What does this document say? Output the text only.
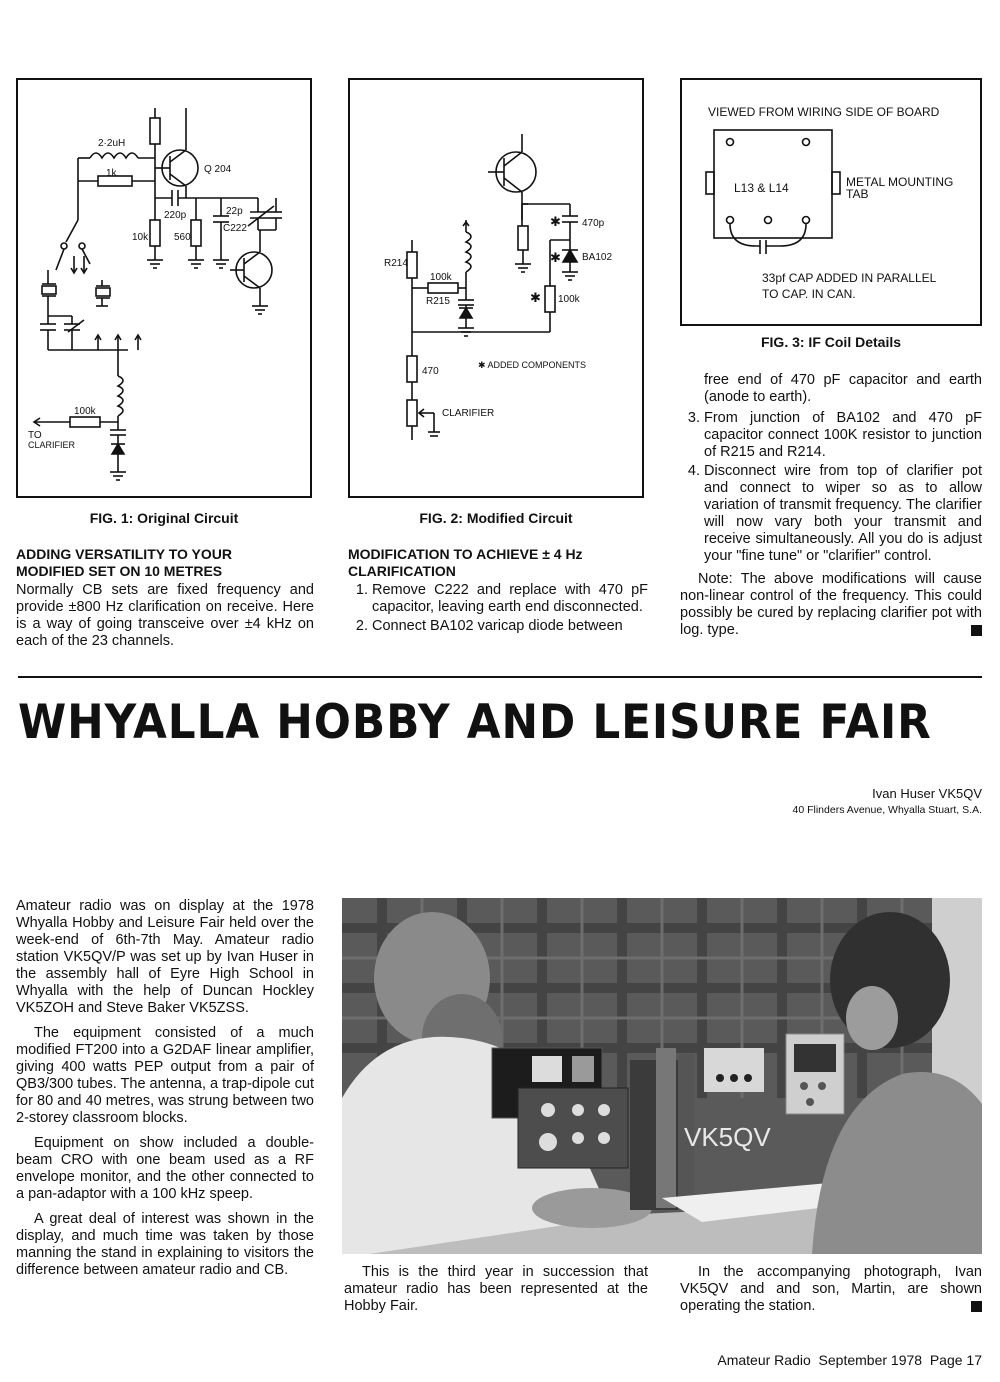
2·2uH
1k	Q 204
220p
10k	560
22p
C222
100k
TO
CLARIFIER
FIG. 1: Original Circuit
470p
BA102
R214
100k
R215	100k
470
CLARIFIER
✱ ADDED COMPONENTS
✱
✱
✱
FIG. 2: Modified Circuit
VIEWED FROM WIRING SIDE OF BOARD
L13 & L14	METAL MOUNTING
TAB
33pf CAP ADDED IN PARALLEL
TO CAP. IN CAN.
FIG. 3: IF Coil Details
ADDING VERSATILITY TO YOUR
MODIFIED SET ON 10 METRES

Normally CB sets are fixed frequency and provide ±800 Hz clarification on receive. Here is a way of going transceive over ±4 kHz on each of the 23 channels.

MODIFICATION TO ACHIEVE ± 4 Hz
CLARIFICATION
1. Remove C222 and replace with 470 pF capacitor, leaving earth end disconnected.
2. Connect BA102 varicap diode between

free end of 470 pF capacitor and earth (anode to earth).

3. From junction of BA102 and 470 pF capacitor connect 100K resistor to junction of R215 and R214.
4. Disconnect wire from top of clarifier pot and connect to wiper so as to allow variation of transmit frequency. The clarifier will now vary both your transmit and receive simultaneously. All you do is adjust your "fine tune" or "clarifier" control.

Note: The above modifications will cause non-linear control of the frequency. This could possibly be cured by replacing clarifier pot with log. type.

WHYALLA HOBBY AND LEISURE FAIR
Ivan Huser VK5QV
40 Flinders Avenue, Whyalla Stuart, S.A.

Amateur radio was on display at the 1978 Whyalla Hobby and Leisure Fair held over the week-end of 6th-7th May. Amateur radio station VK5QV/P was set up by Ivan Huser in the assembly hall of Eyre High School in Whyalla with the help of Duncan Hockley VK5ZOH and Steve Baker VK5ZSS.

The equipment consisted of a much modified FT200 into a G2DAF linear amplifier, giving 400 watts PEP output from a pair of QB3/300 tubes. The antenna, a trap-dipole cut for 80 and 40 metres, was strung between two 2-storey classroom blocks.

Equipment on show included a double-beam CRO with one beam used as a RF envelope monitor, and the other connected to a pan-adaptor with a 100 kHz speep.

A great deal of interest was shown in the display, and much time was taken by those manning the stand in explaining to visitors the difference between amateur radio and CB.

VK5QV

This is the third year in succession that amateur radio has been represented at the Hobby Fair.

In the accompanying photograph, Ivan VK5QV and and son, Martin, are shown operating the station.

Amateur Radio  September 1978  Page 17
